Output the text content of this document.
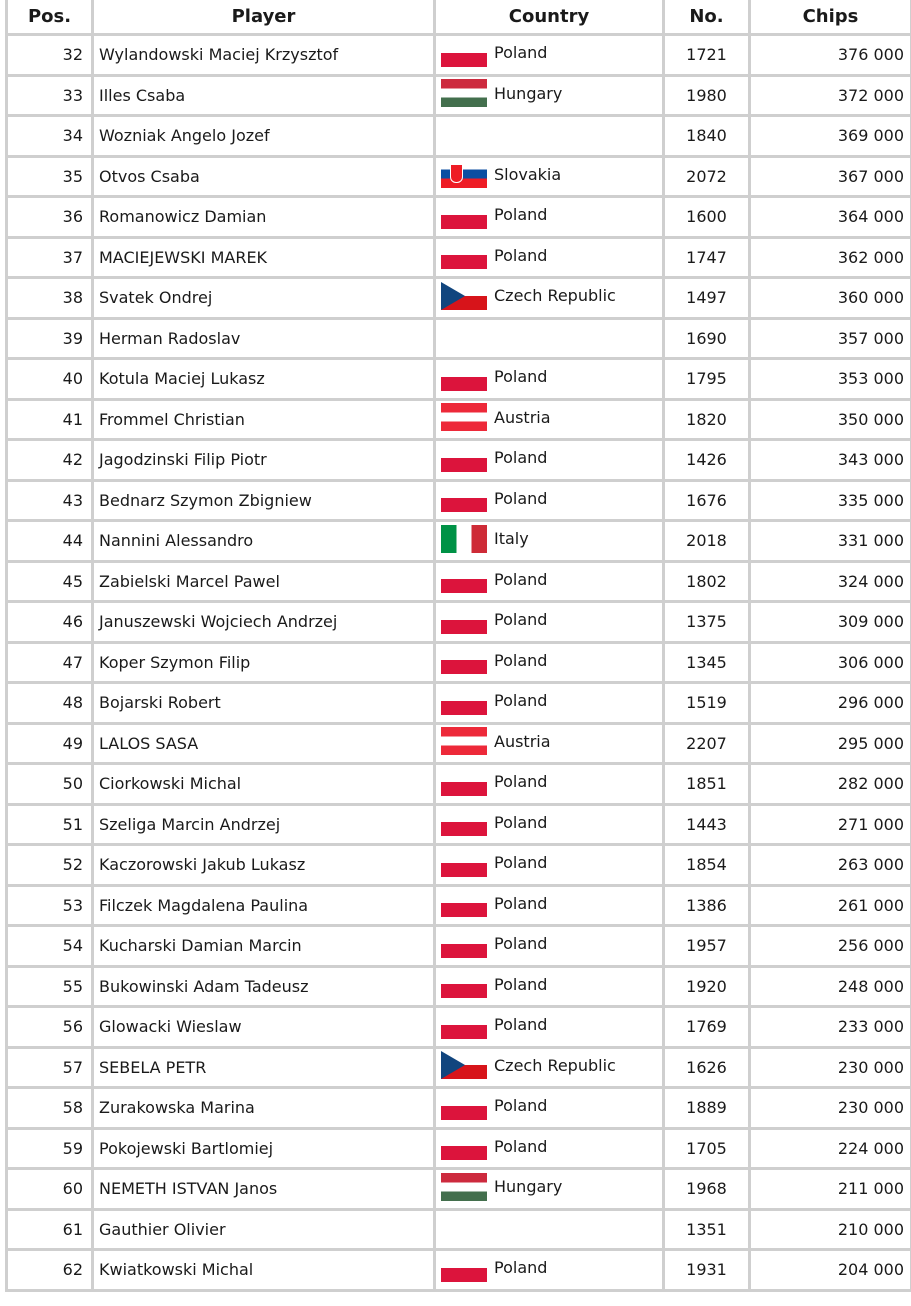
Pos.	Player	Country	No.	Chips
32	Wylandowski Maciej Krzysztof	Poland	1721	376 000
33	Illes Csaba	Hungary	1980	372 000
34	Wozniak Angelo Jozef		1840	369 000
35	Otvos Csaba	Slovakia	2072	367 000
36	Romanowicz Damian	Poland	1600	364 000
37	MACIEJEWSKI MAREK	Poland	1747	362 000
38	Svatek Ondrej	Czech Republic	1497	360 000
39	Herman Radoslav		1690	357 000
40	Kotula Maciej Lukasz	Poland	1795	353 000
41	Frommel Christian	Austria	1820	350 000
42	Jagodzinski Filip Piotr	Poland	1426	343 000
43	Bednarz Szymon Zbigniew	Poland	1676	335 000
44	Nannini Alessandro	Italy	2018	331 000
45	Zabielski Marcel Pawel	Poland	1802	324 000
46	Januszewski Wojciech Andrzej	Poland	1375	309 000
47	Koper Szymon Filip	Poland	1345	306 000
48	Bojarski Robert	Poland	1519	296 000
49	LALOS SASA	Austria	2207	295 000
50	Ciorkowski Michal	Poland	1851	282 000
51	Szeliga Marcin Andrzej	Poland	1443	271 000
52	Kaczorowski Jakub Lukasz	Poland	1854	263 000
53	Filczek Magdalena Paulina	Poland	1386	261 000
54	Kucharski Damian Marcin	Poland	1957	256 000
55	Bukowinski Adam Tadeusz	Poland	1920	248 000
56	Glowacki Wieslaw	Poland	1769	233 000
57	SEBELA PETR	Czech Republic	1626	230 000
58	Zurakowska Marina	Poland	1889	230 000
59	Pokojewski Bartlomiej	Poland	1705	224 000
60	NEMETH ISTVAN Janos	Hungary	1968	211 000
61	Gauthier Olivier		1351	210 000
62	Kwiatkowski Michal	Poland	1931	204 000
